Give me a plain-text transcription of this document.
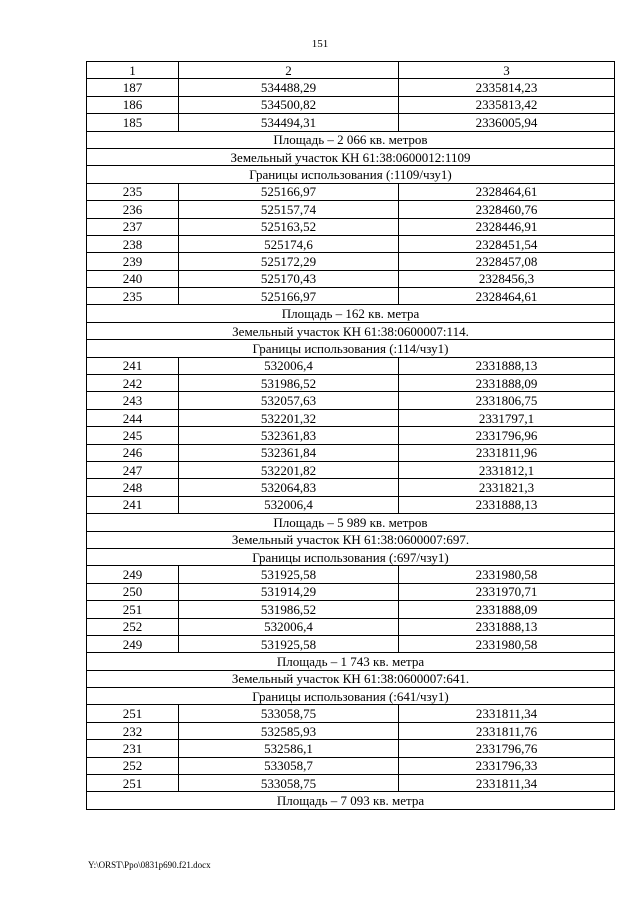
151
1	2	3
187	534488,29	2335814,23
186	534500,82	2335813,42
185	534494,31	2336005,94
Площадь – 2 066 кв. метров		
Земельный участок КН 61:38:0600012:1109		
Границы использования (:1109/чзу1)		
235	525166,97	2328464,61
236	525157,74	2328460,76
237	525163,52	2328446,91
238	525174,6	2328451,54
239	525172,29	2328457,08
240	525170,43	2328456,3
235	525166,97	2328464,61
Площадь – 162 кв. метра		
Земельный участок КН 61:38:0600007:114.		
Границы использования (:114/чзу1)		
241	532006,4	2331888,13
242	531986,52	2331888,09
243	532057,63	2331806,75
244	532201,32	2331797,1
245	532361,83	2331796,96
246	532361,84	2331811,96
247	532201,82	2331812,1
248	532064,83	2331821,3
241	532006,4	2331888,13
Площадь – 5 989 кв. метров		
Земельный участок КН 61:38:0600007:697.		
Границы использования (:697/чзу1)		
249	531925,58	2331980,58
250	531914,29	2331970,71
251	531986,52	2331888,09
252	532006,4	2331888,13
249	531925,58	2331980,58
Площадь – 1 743 кв. метра		
Земельный участок КН 61:38:0600007:641.		
Границы использования (:641/чзу1)		
251	533058,75	2331811,34
232	532585,93	2331811,76
231	532586,1	2331796,76
252	533058,7	2331796,33
251	533058,75	2331811,34
Площадь – 7 093 кв. метра		
Y:\ORST\Ppo\0831p690.f21.docx
